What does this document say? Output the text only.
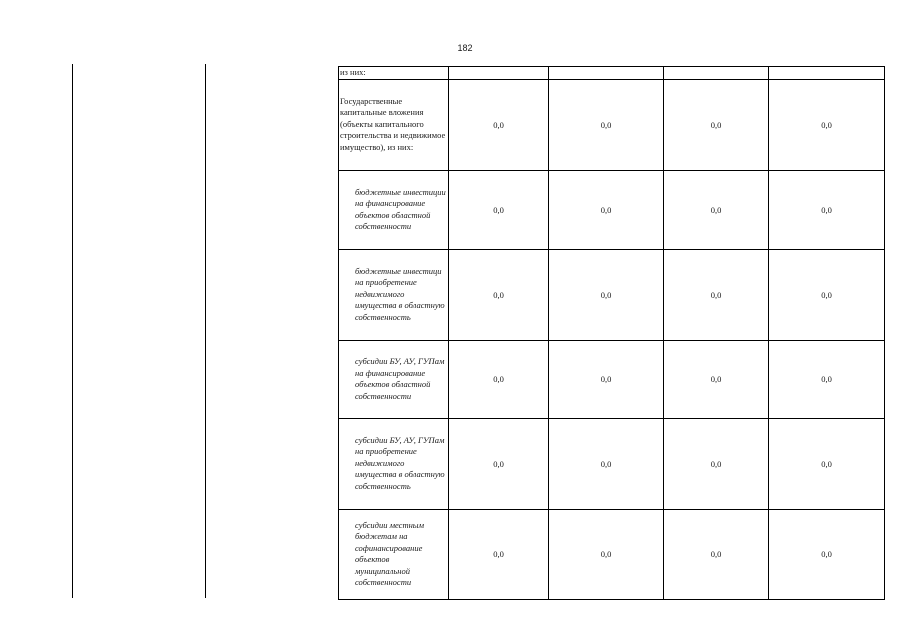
182
из них:				
Государственные капитальные вложения (объекты капитального строительства и недвижимое имущество), из них:	0,0	0,0	0,0	0,0
бюджетные инвестиции на финансирование объектов областной собственности	0,0	0,0	0,0	0,0
бюджетные инвестици на приобретение недвижимого имущества в областную собственность	0,0	0,0	0,0	0,0
субсидии БУ, АУ, ГУПам на финансирование объектов областной собственности	0,0	0,0	0,0	0,0
субсидии БУ, АУ, ГУПам на приобретение недвижимого имущества в областную собственность	0,0	0,0	0,0	0,0
субсидии местным бюджетам на софинансирование объектов муниципальной собственности	0,0	0,0	0,0	0,0
